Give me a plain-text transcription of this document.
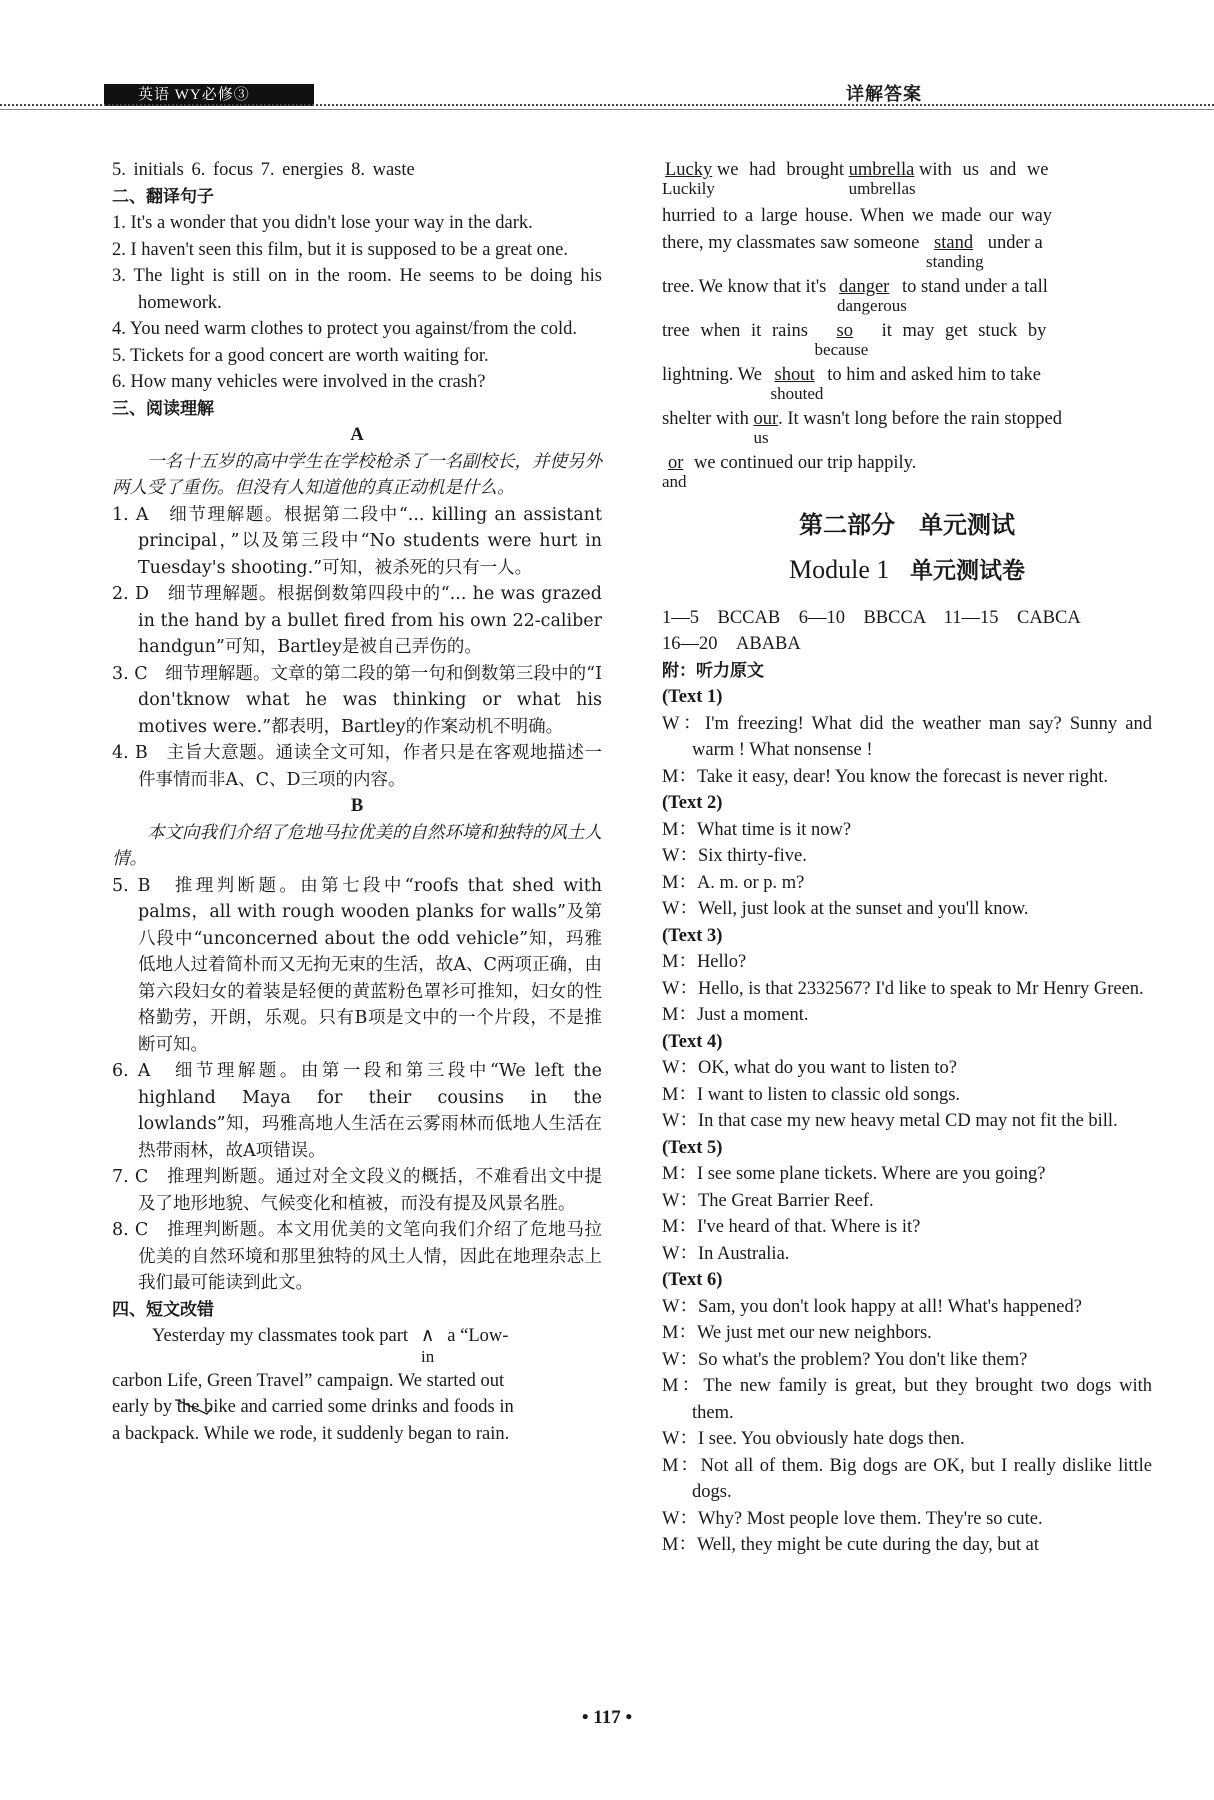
英语 WY必修③	详解答案
5. initials 6. focus 7. energies 8. waste
二、翻译句子
1. It's a wonder that you didn't lose your way in the dark.
2. I haven't seen this film, but it is supposed to be a great one.
3. The light is still on in the room. He seems to be doing his homework.
4. You need warm clothes to protect you against/from the cold.
5. Tickets for a good concert are worth waiting for.
6. How many vehicles were involved in the crash?
三、阅读理解
A
一名十五岁的高中学生在学校枪杀了一名副校长，并使另外两人受了重伤。但没有人知道他的真正动机是什么。
1. A　细节理解题。根据第二段中“... killing an assistant principal，”以及第三段中“No students were hurt in Tuesday's shooting.”可知，被杀死的只有一人。
2. D　细节理解题。根据倒数第四段中的“... he was grazed in the hand by a bullet fired from his own 22-caliber handgun”可知，Bartley是被自己弄伤的。
3. C　细节理解题。文章的第二段的第一句和倒数第三段中的“I don'tknow what he was thinking or what his motives were.”都表明，Bartley的作案动机不明确。
4. B　主旨大意题。通读全文可知，作者只是在客观地描述一件事情而非A、C、D三项的内容。
B
本文向我们介绍了危地马拉优美的自然环境和独特的风土人情。
5. B　推理判断题。由第七段中“roofs that shed with palms，all with rough wooden planks for walls”及第八段中“unconcerned about the odd vehicle”知，玛雅低地人过着简朴而又无拘无束的生活，故A、C两项正确，由第六段妇女的着装是轻便的黄蓝粉色罩衫可推知，妇女的性格勤劳，开朗，乐观。只有B项是文中的一个片段，不是推断可知。
6. A　细节理解题。由第一段和第三段中“We left the highland Maya for their cousins in the lowlands”知，玛雅高地人生活在云雾雨林而低地人生活在热带雨林，故A项错误。
7. C　推理判断题。通过对全文段义的概括，不难看出文中提及了地形地貌、气候变化和植被，而没有提及风景名胜。
8. C　推理判断题。本文用优美的文笔向我们介绍了危地马拉优美的自然环境和那里独特的风土人情，因此在地理杂志上我们最可能读到此文。
四、短文改错
Yesterday my classmates took part ∧
in
a “Low-
carbon Life, Green Travel” campaign. We started out
early by the bike and carried some drinks and foods in
a backpack. While we rode, it suddenly began to rain.
Lucky
Luckily
we had brought umbrella
umbrellas
with us and we
hurried to a large house. When we made our way
there, my classmates saw someone stand
standing
under a
tree. We know that it's danger
dangerous
to stand under a tall
tree when it rains so
because
it may get stuck by
lightning. We shout
shouted
to him and asked him to take
shelter with our
us
. It wasn't long before the rain stopped
or
and
we continued our trip happily.
第二部分　单元测试
Module 1 单元测试卷
1—5　BCCAB　6—10　BBCCA　11—15　CABCA
16—20　ABABA
附：听力原文
(Text 1)
W：I'm freezing! What did the weather man say? Sunny and warm ! What nonsense !
M：Take it easy, dear! You know the forecast is never right.
(Text 2)
M：What time is it now?
W：Six thirty-five.
M：A. m. or p. m?
W：Well, just look at the sunset and you'll know.
(Text 3)
M：Hello?
W：Hello, is that 2332567? I'd like to speak to Mr Henry Green.
M：Just a moment.
(Text 4)
W：OK, what do you want to listen to?
M：I want to listen to classic old songs.
W：In that case my new heavy metal CD may not fit the bill.
(Text 5)
M：I see some plane tickets. Where are you going?
W：The Great Barrier Reef.
M：I've heard of that. Where is it?
W：In Australia.
(Text 6)
W：Sam, you don't look happy at all! What's happened?
M：We just met our new neighbors.
W：So what's the problem? You don't like them?
M：The new family is great, but they brought two dogs with them.
W：I see. You obviously hate dogs then.
M：Not all of them. Big dogs are OK, but I really dislike little dogs.
W：Why? Most people love them. They're so cute.
M：Well, they might be cute during the day, but at
• 117 •
